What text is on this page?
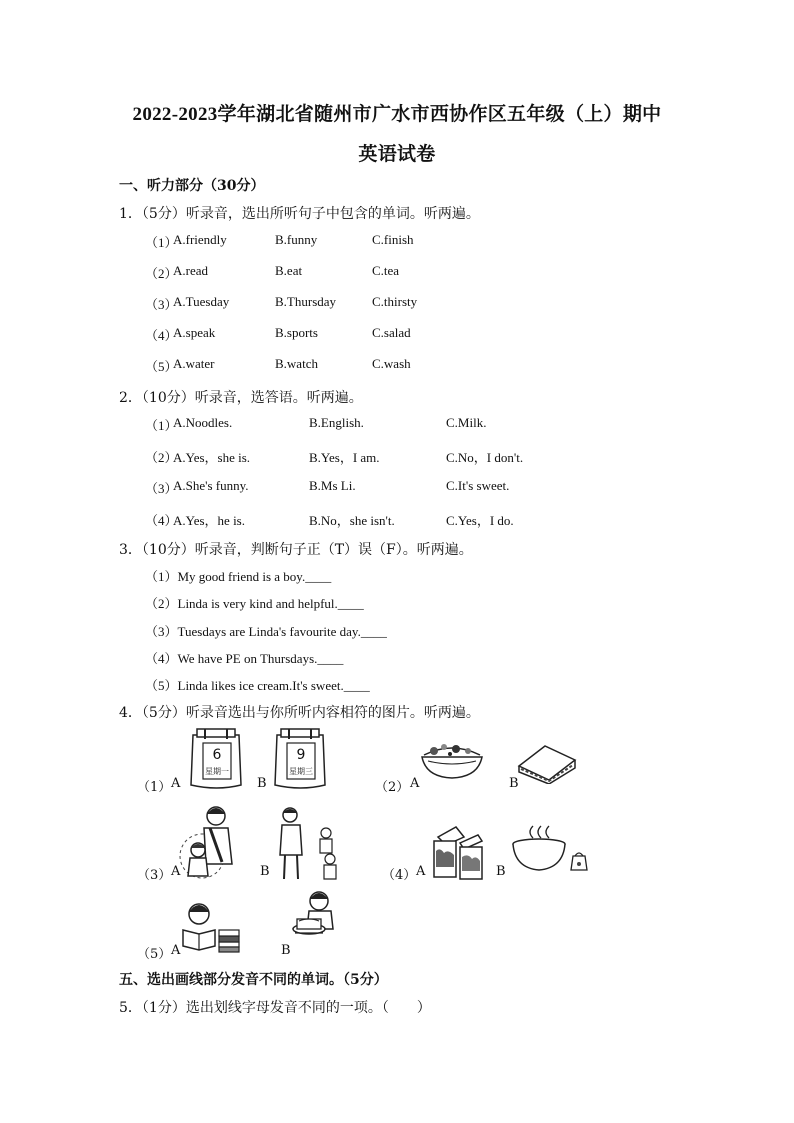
2022-2023学年湖北省随州市广水市西协作区五年级（上）期中
英语试卷
一、听力部分（30分）
1．（5分）听录音，选出所听句子中包含的单词。听两遍。
（1）
A.friendly	B.funny	C.finish
（2）
A.read	B.eat	C.tea
（3）
A.Tuesday	B.Thursday	C.thirsty
（4）
A.speak	B.sports	C.salad
（5）
A.water	B.watch	C.wash
2．（10分）听录音，选答语。听两遍。
（1）
A.Noodles.	B.English.	C.Milk.
（2）
A.Yes，she is.	B.Yes，I am.	C.No，I don't.
（3）
A.She's funny.	B.Ms Li.	C.It's sweet.
（4）
A.Yes，he is.	B.No，she isn't.	C.Yes，I do.
3．（10分）听录音，判断句子正（T）误（F）。听两遍。
（1）My good friend is a boy.____
（2）Linda is very kind and helpful.____
（3）Tuesdays are Linda's favourite day.____
（4）We have PE on Thursdays.____
（5）Linda likes ice cream.It's sweet.____
4．（5分）听录音选出与你所听内容相符的图片。听两遍。
（1） A
6
星期一
B
9
星期三
（2） A	B
（3） A	B	（4） A	B
（5） A	B
五、选出画线部分发音不同的单词。（5分）
5．（1分）选出划线字母发音不同的一项。（　　）
